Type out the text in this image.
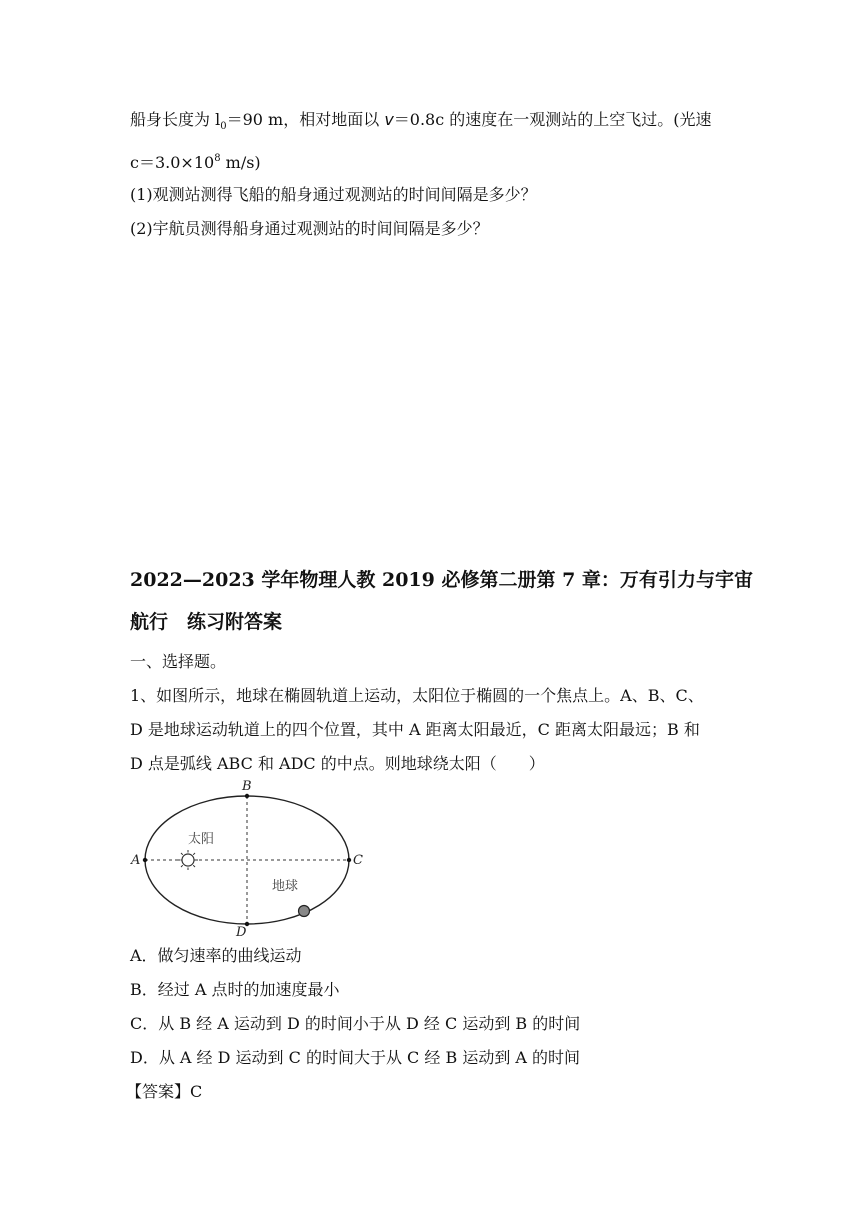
船身长度为 $l_0=90$ m，相对地面以 v＝0.8c 的速度在一观测站的上空飞过。(光速
$c=3.0\times 10^8$ m/s)
(1)观测站测得飞船的船身通过观测站的时间间隔是多少？
(2)宇航员测得船身通过观测站的时间间隔是多少？
2022—2023 学年物理人教 2019 必修第二册第 7 章：万有引力与宇宙
航行　练习附答案
一、选择题。
1、如图所示，地球在椭圆轨道上运动，太阳位于椭圆的一个焦点上。A、B、C、
D 是地球运动轨道上的四个位置，其中 A 距离太阳最近，C 距离太阳最远；B 和
D 点是弧线 ABC 和 ADC 的中点。则地球绕太阳（　　）
A
B
C
D
太阳
地球
A．做匀速率的曲线运动
B．经过 A 点时的加速度最小
C．从 B 经 A 运动到 D 的时间小于从 D 经 C 运动到 B 的时间
D．从 A 经 D 运动到 C 的时间大于从 C 经 B 运动到 A 的时间
【答案】C
